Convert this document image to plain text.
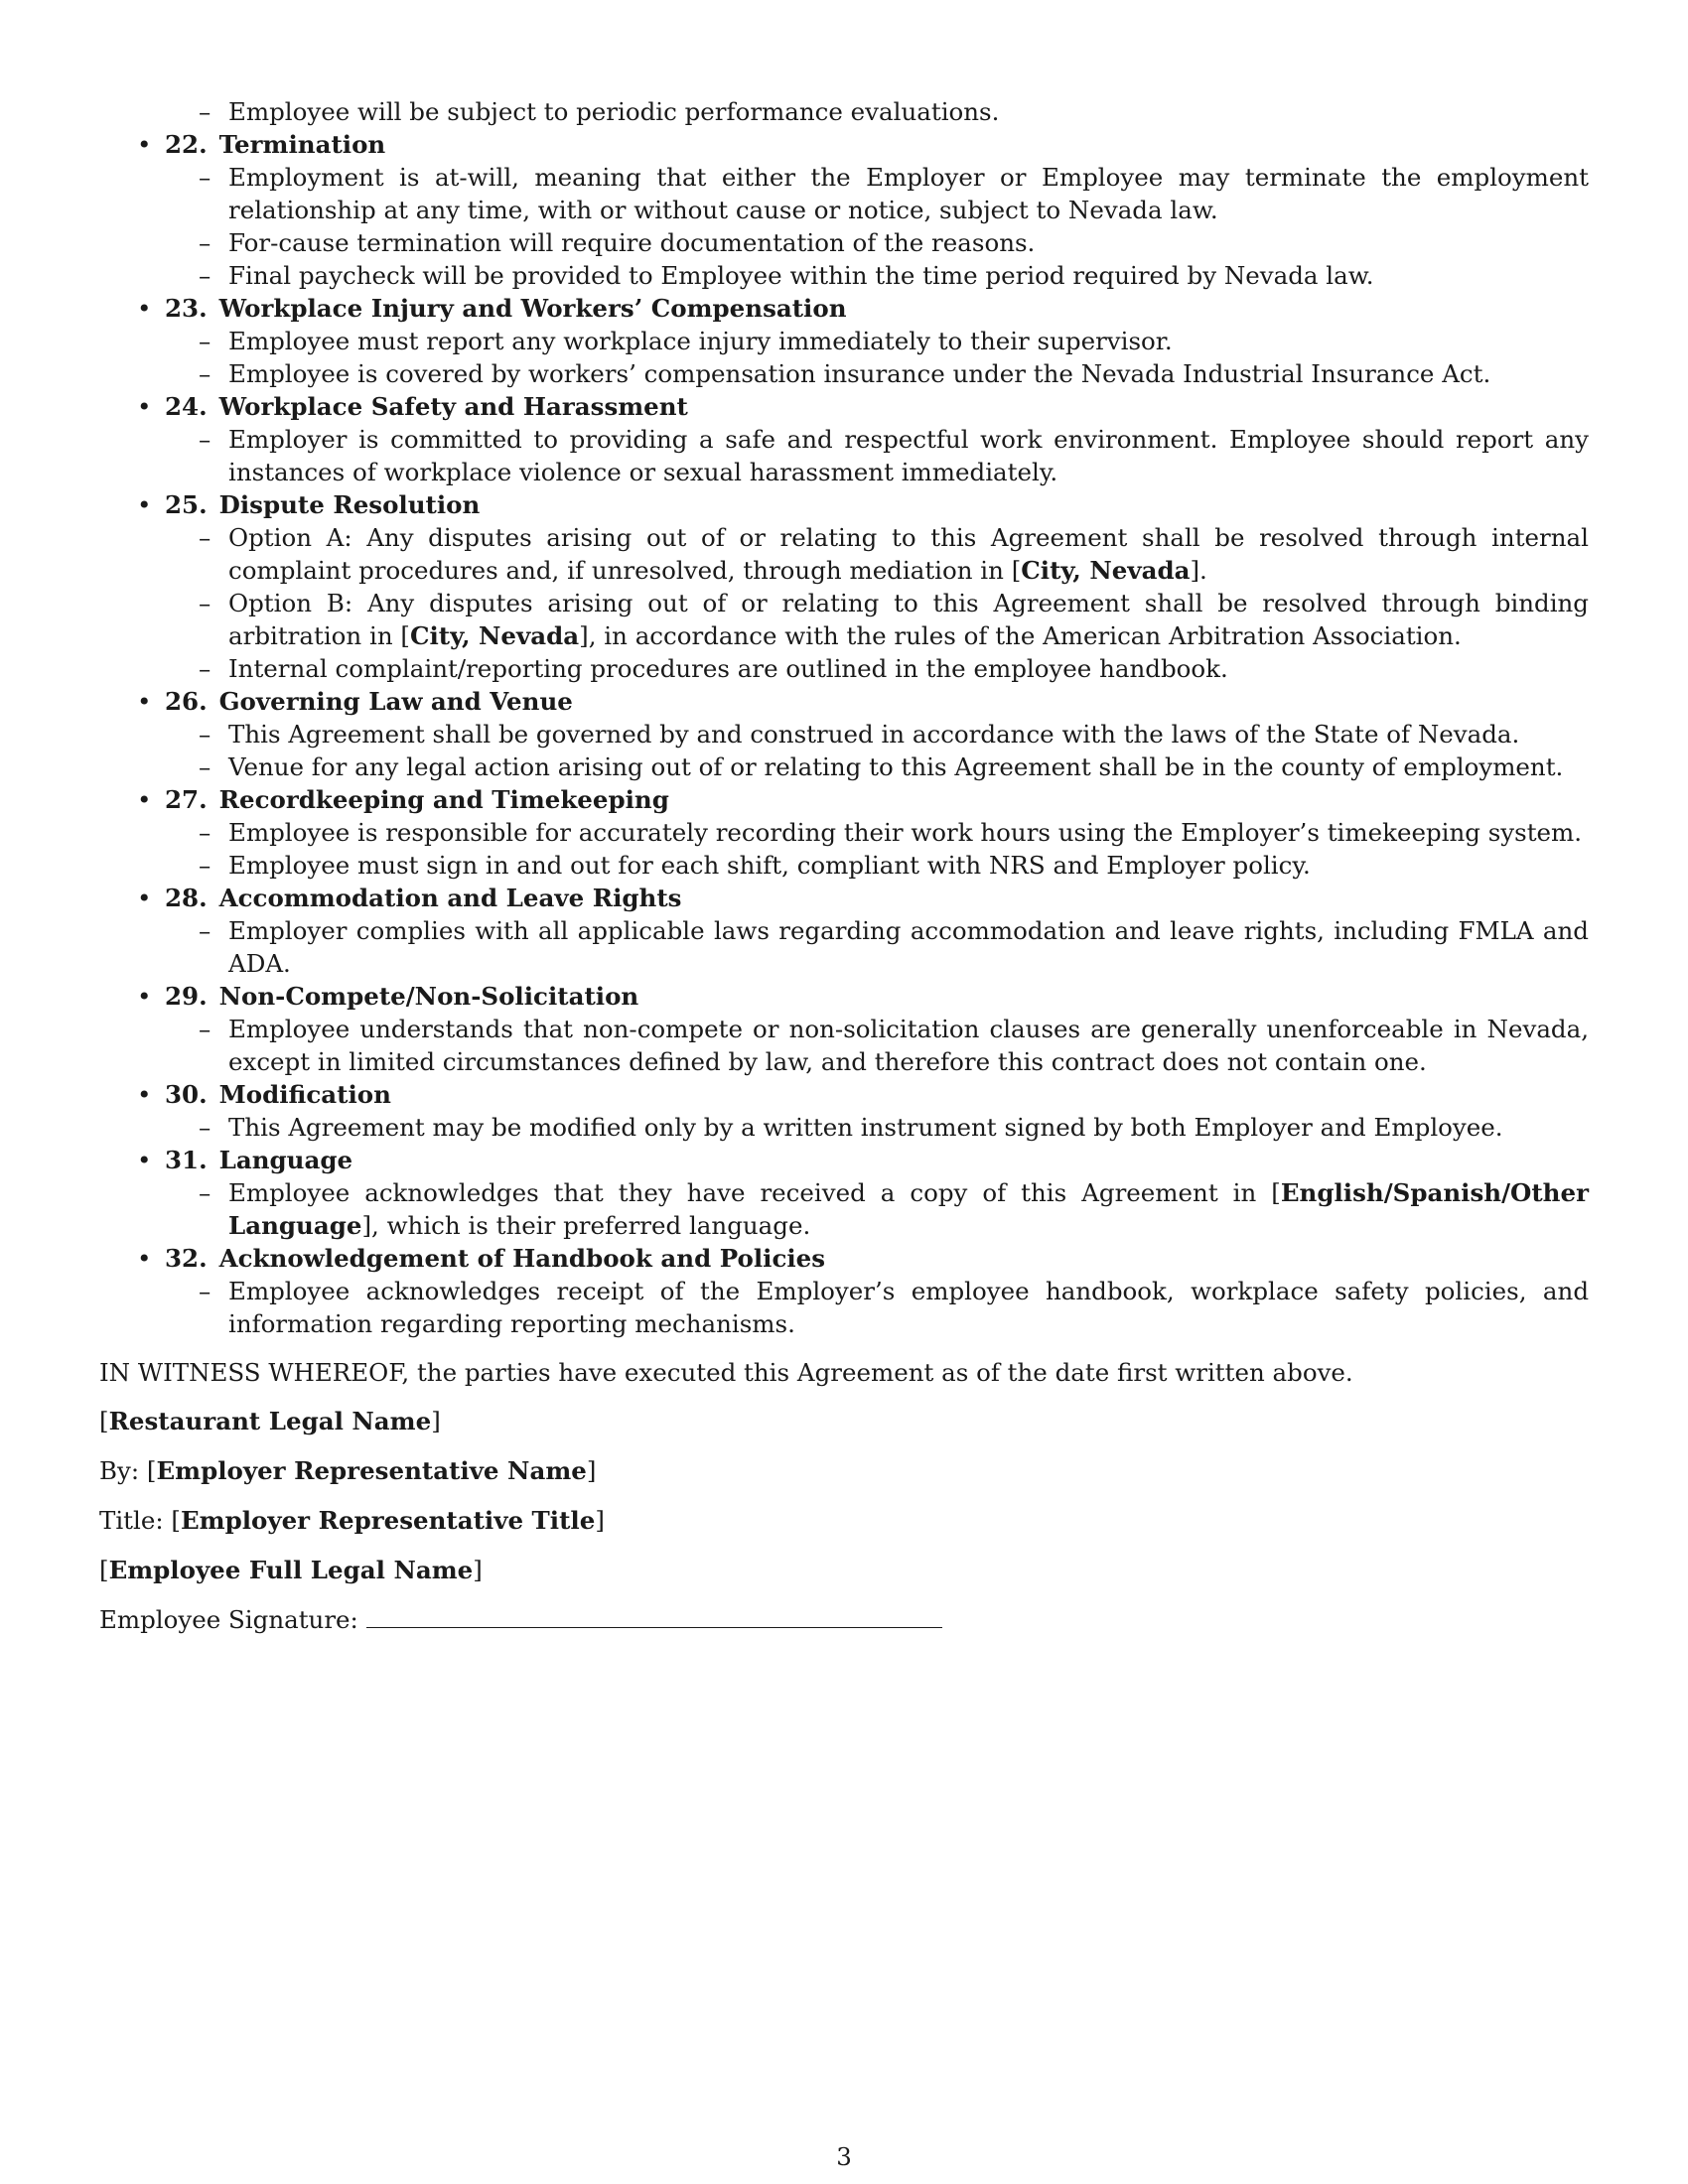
– Employee will be subject to periodic performance evaluations.
• 22. Termination
– Employment is at-will, meaning that either the Employer or Employee may terminate the employment relationship at any time, with or without cause or notice, subject to Nevada law.
– For-cause termination will require documentation of the reasons.
– Final paycheck will be provided to Employee within the time period required by Nevada law.
• 23. Workplace Injury and Workers’ Compensation
– Employee must report any workplace injury immediately to their supervisor.
– Employee is covered by workers’ compensation insurance under the Nevada Industrial Insurance Act.
• 24. Workplace Safety and Harassment
– Employer is committed to providing a safe and respectful work environment. Employee should report any instances of workplace violence or sexual harassment immediately.
• 25. Dispute Resolution
– Option A: Any disputes arising out of or relating to this Agreement shall be resolved through internal complaint procedures and, if unresolved, through mediation in [City, Nevada].
– Option B: Any disputes arising out of or relating to this Agreement shall be resolved through binding arbitration in [City, Nevada], in accordance with the rules of the American Arbitration Association.
– Internal complaint/reporting procedures are outlined in the employee handbook.
• 26. Governing Law and Venue
– This Agreement shall be governed by and construed in accordance with the laws of the State of Nevada.
– Venue for any legal action arising out of or relating to this Agreement shall be in the county of employment.
• 27. Recordkeeping and Timekeeping
– Employee is responsible for accurately recording their work hours using the Employer’s timekeeping system.
– Employee must sign in and out for each shift, compliant with NRS and Employer policy.
• 28. Accommodation and Leave Rights
– Employer complies with all applicable laws regarding accommodation and leave rights, including FMLA and ADA.
• 29. Non-Compete/Non-Solicitation
– Employee understands that non-compete or non-solicitation clauses are generally unenforceable in Nevada, except in limited circumstances defined by law, and therefore this contract does not contain one.
• 30. Modification
– This Agreement may be modified only by a written instrument signed by both Employer and Employee.
• 31. Language
– Employee acknowledges that they have received a copy of this Agreement in [English/Spanish/Other Language], which is their preferred language.
• 32. Acknowledgement of Handbook and Policies
– Employee acknowledges receipt of the Employer’s employee handbook, workplace safety policies, and information regarding reporting mechanisms.
IN WITNESS WHEREOF, the parties have executed this Agreement as of the date first written above.
[Restaurant Legal Name]
By: [Employer Representative Name]
Title: [Employer Representative Title]
[Employee Full Legal Name]
Employee Signature:
3
